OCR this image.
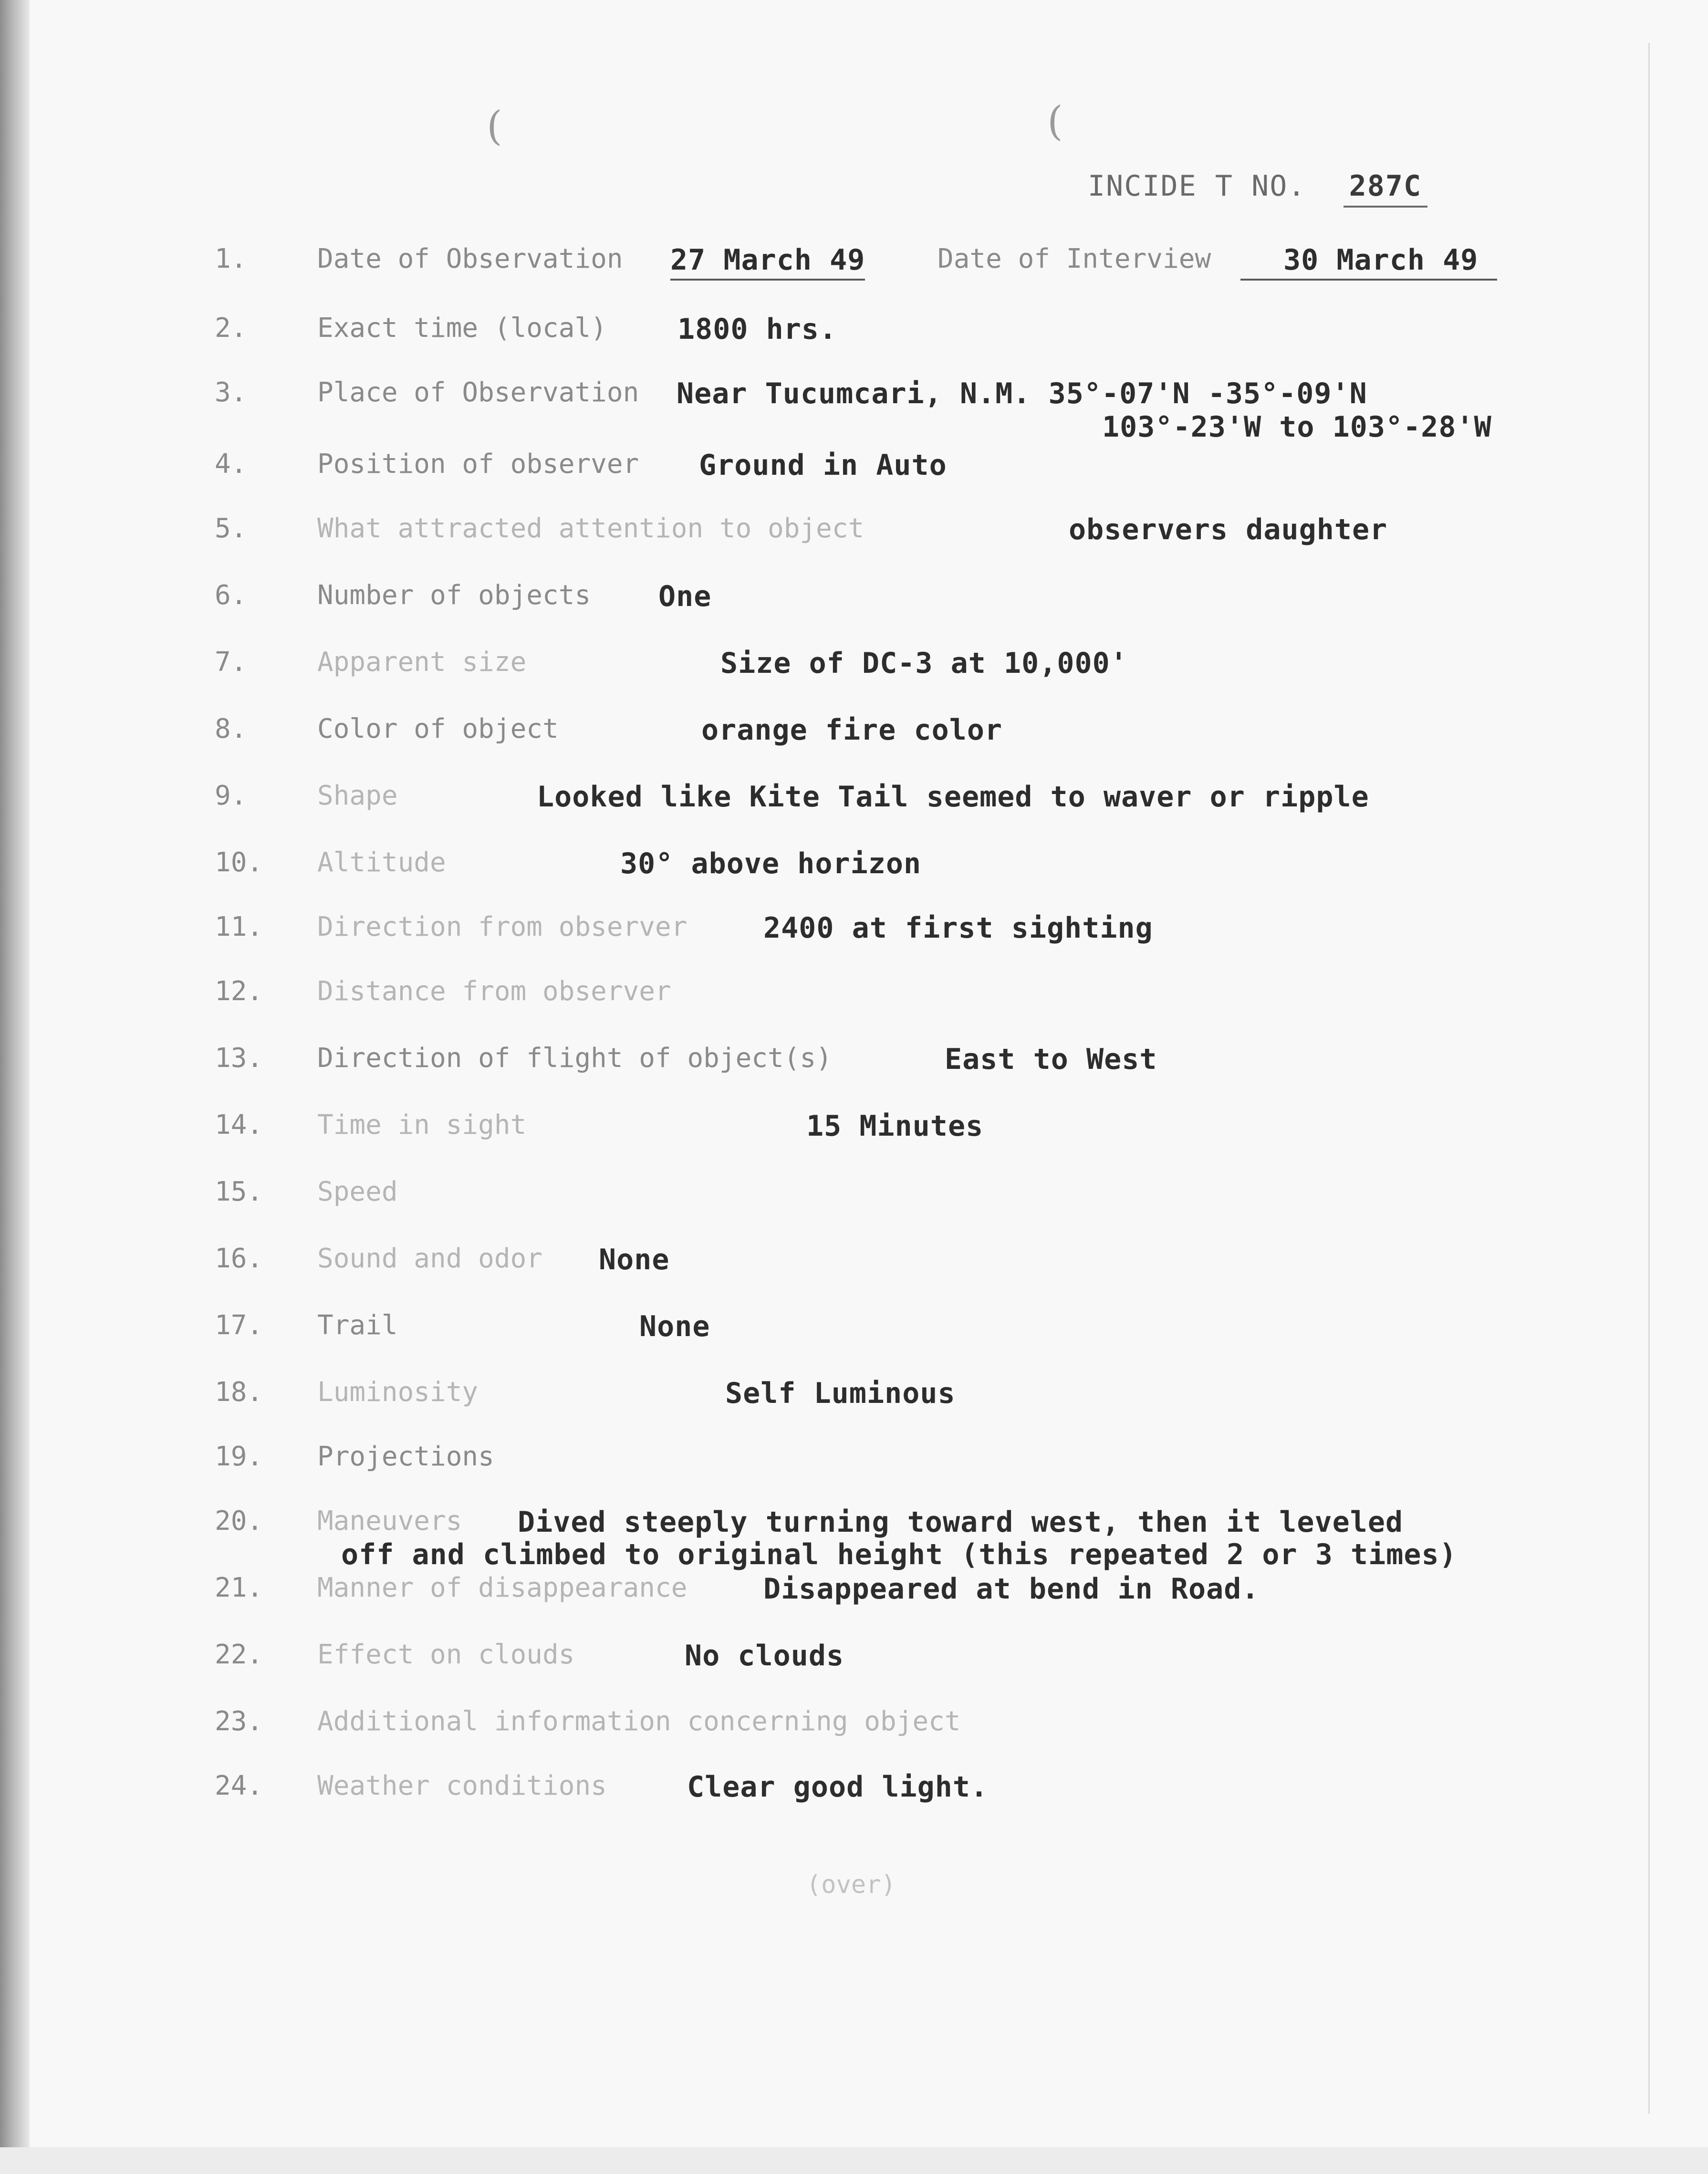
(	(
INCIDE T NO. 287C
1.	Date of Observation 27 March 49	Date of Interview	30 March 49
2.	Exact time (local) 1800 hrs.
3.	Place of Observation Near Tucumcari, N.M. 35°-07'N -35°-09'N
103°-23'W to 103°-28'W
4.	Position of observer Ground in Auto
5.	What attracted attention to object	observers daughter
6.	Number of objects One
7.	Apparent size	Size of DC-3 at 10,000'
8.	Color of object	orange fire color
9.	Shape	Looked like Kite Tail seemed to waver or ripple
10.	Altitude	30° above horizon
11.	Direction from observer	2400 at first sighting
12.	Distance from observer
13.	Direction of flight of object(s)	East to West
14.	Time in sight	15 Minutes
15.	Speed
16.	Sound and odor None
17.	Trail	None
18.	Luminosity	Self Luminous
19.	Projections
20.	Maneuvers Dived steeply turning toward west, then it leveled
off and climbed to original height (this repeated 2 or 3 times)
21.	Manner of disappearance	Disappeared at bend in Road.
22.	Effect on clouds	No clouds
23.	Additional information concerning object
24.	Weather conditions	Clear good light.
(over)
